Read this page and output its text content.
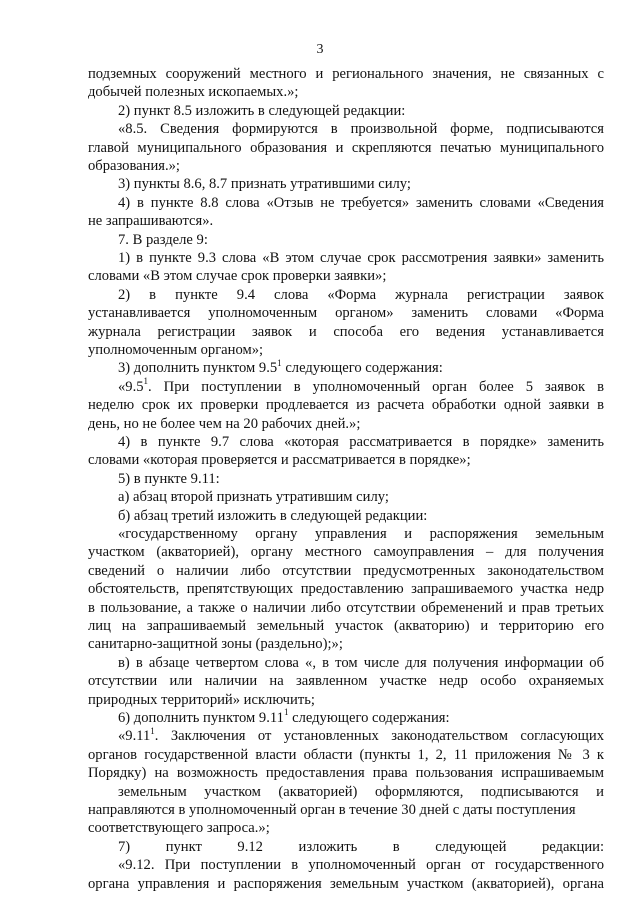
3
подземных сооружений местного и регионального значения, не связанных с
добычей полезных ископаемых.»;
2) пункт 8.5 изложить в следующей редакции:
«8.5. Сведения формируются в произвольной форме, подписываются
главой муниципального образования и скрепляются печатью муниципального
образования.»;
3) пункты 8.6, 8.7 признать утратившими силу;
4) в пункте 8.8 слова «Отзыв не требуется» заменить словами «Сведения
не запрашиваются».
7. В разделе 9:
1) в пункте 9.3 слова «В этом случае срок рассмотрения заявки» заменить
словами «В этом случае срок проверки заявки»;
2) в пункте 9.4 слова «Форма журнала регистрации заявок
устанавливается уполномоченным органом» заменить словами «Форма
журнала регистрации заявок и способа его ведения устанавливается
уполномоченным органом»;
3) дополнить пунктом $9.5^1$ следующего содержания:
«$9.5^1$. При поступлении в уполномоченный орган более 5 заявок в
неделю срок их проверки продлевается из расчета обработки одной заявки в
день, но не более чем на 20 рабочих дней.»;
4) в пункте 9.7 слова «которая рассматривается в порядке» заменить
словами «которая проверяется и рассматривается в порядке»;
5) в пункте 9.11:
а) абзац второй признать утратившим силу;
б) абзац третий изложить в следующей редакции:
«государственному органу управления и распоряжения земельным
участком (акваторией), органу местного самоуправления – для получения
сведений о наличии либо отсутствии предусмотренных законодательством
обстоятельств, препятствующих предоставлению запрашиваемого участка недр
в пользование, а также о наличии либо отсутствии обременений и прав третьих
лиц на запрашиваемый земельный участок (акваторию) и территорию его
санитарно-защитной зоны (раздельно);»;
в) в абзаце четвертом слова «, в том числе для получения информации об
отсутствии или наличии на заявленном участке недр особо охраняемых
природных территорий» исключить;
6) дополнить пунктом 9.11$^1$ следующего содержания:
«9.11$^1$. Заключения от установленных законодательством согласующих
органов государственной власти области (пункты 1, 2, 11 приложения № 3 к
Порядку) на возможность предоставления права пользования испрашиваемым
земельным участком (акваторией) оформляются, подписываются и
направляются в уполномоченный орган в течение 30 дней с даты поступления
соответствующего запроса.»;
7) пункт 9.12 изложить в следующей редакции:
«9.12. При поступлении в уполномоченный орган от государственного
органа управления и распоряжения земельным участком (акваторией), органа
